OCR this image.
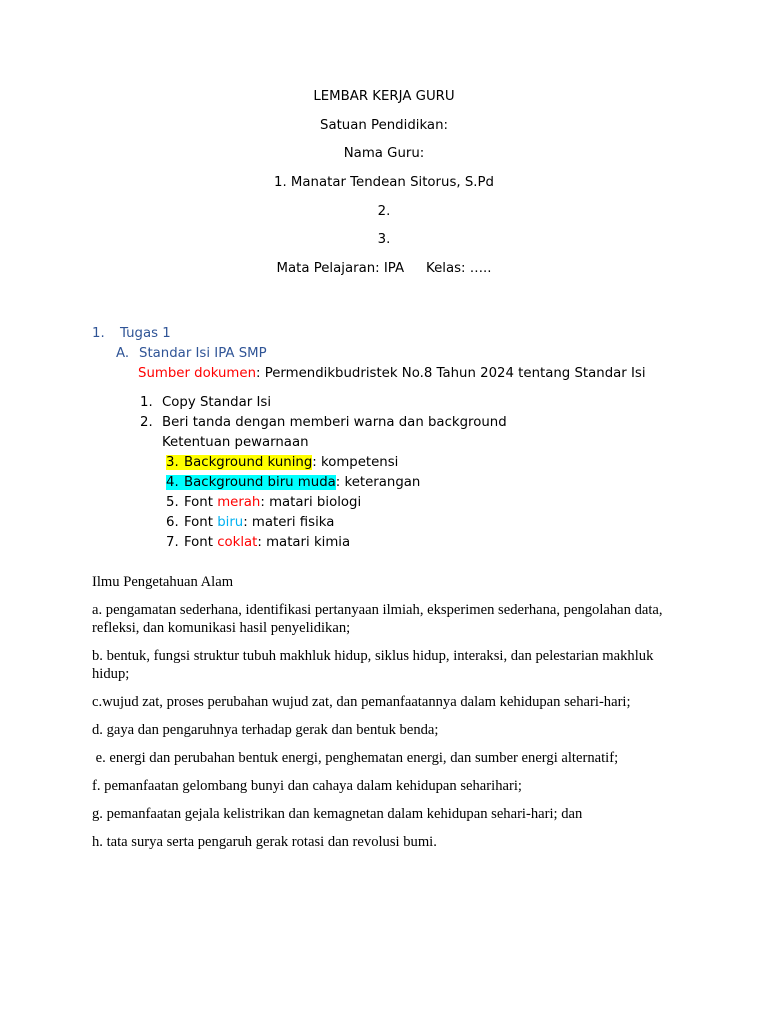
LEMBAR KERJA GURU
Satuan Pendidikan:
Nama Guru:
1. Manatar Tendean Sitorus, S.Pd
2.
3.
Mata Pelajaran: IPA Kelas: …..
1. Tugas 1
A. Standar Isi IPA SMP
Sumber dokumen: Permendikbudristek No.8 Tahun 2024 tentang Standar Isi
1. Copy Standar Isi
2. Beri tanda dengan memberi warna dan background
Ketentuan pewarnaan
3. Background kuning: kompetensi
4. Background biru muda: keterangan
5. Font merah: matari biologi
6. Font biru: materi fisika
7. Font coklat: matari kimia

Ilmu Pengetahuan Alam

a. pengamatan sederhana, identifikasi pertanyaan ilmiah, eksperimen sederhana, pengolahan data, refleksi, dan komunikasi hasil penyelidikan;

b. bentuk, fungsi struktur tubuh makhluk hidup, siklus hidup, interaksi, dan pelestarian makhluk hidup;

c.wujud zat, proses perubahan wujud zat, dan pemanfaatannya dalam kehidupan sehari-hari;

d. gaya dan pengaruhnya terhadap gerak dan bentuk benda;

e. energi dan perubahan bentuk energi, penghematan energi, dan sumber energi alternatif;

f. pemanfaatan gelombang bunyi dan cahaya dalam kehidupan seharihari;

g. pemanfaatan gejala kelistrikan dan kemagnetan dalam kehidupan sehari-hari; dan

h. tata surya serta pengaruh gerak rotasi dan revolusi bumi.
